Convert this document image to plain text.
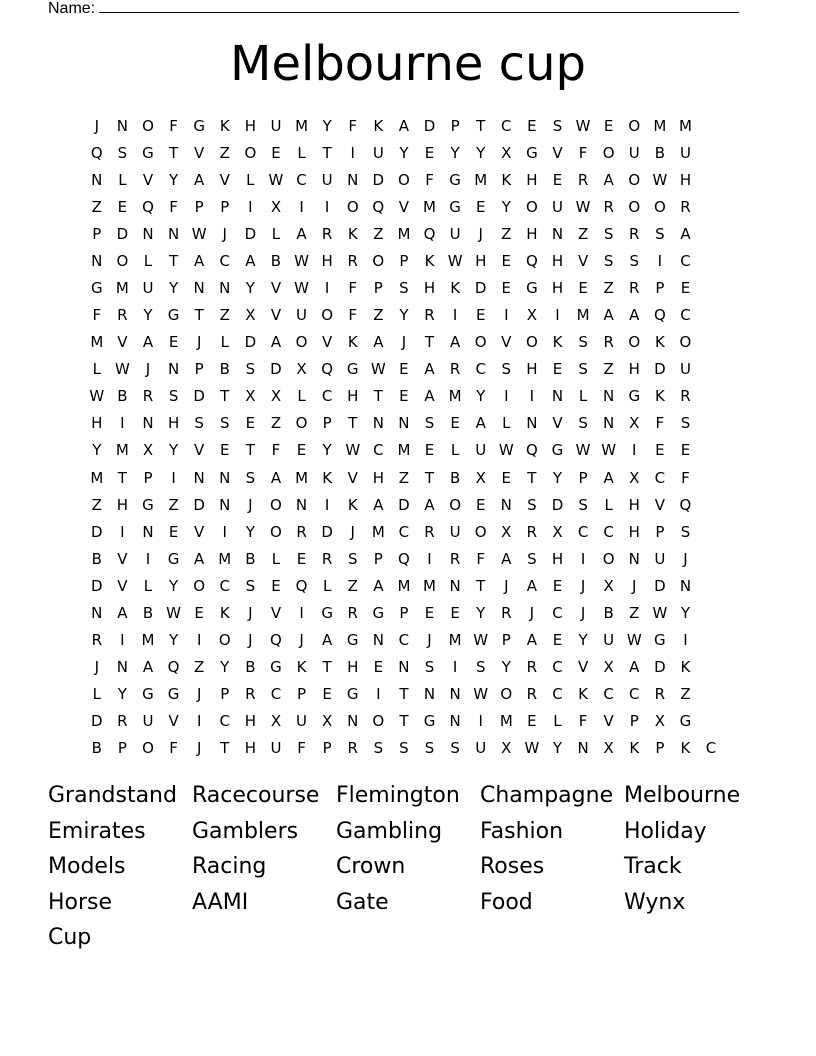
Name:
Melbourne cup
J	N O	F	G K	H U M Y	F	K	A D	P	T	C	E	S W E O M M
Q S	G	T	V	Z O E	L	T	I	U	Y	E	Y	Y	X G V	F	O U B U
N	L	V	Y	A	V	L W C U N D O	F	G M K	H	E	R	A O W H
Z	E Q	F	P	P	I	X	I	I	O Q V M G	E	Y	O U W R O O R
P	D N N W	J	D	L	A	R	K	Z M Q U	J	Z H N Z	S	R	S	A
N O	L	T	A	C	A	B W H R O	P	K W H	E Q H V	S	S	I	C
G M U	Y	N N	Y	V W	I	F	P	S	H	K D	E	G H	E	Z	R	P	E
F	R	Y	G	T	Z	X	V U O	F	Z	Y	R	I	E	I	X	I	M A	A Q C
M V	A	E	J	L	D A O V	K	A	J	T	A O V O K	S	R O K O
L W	J	N	P	B	S	D X Q G W E	A	R	C	S	H	E	S	Z H D U
W B	R	S	D	T	X	X	L	C H	T	E	A M Y	I	I	N	L	N G K	R
H	I	N H	S	S	E	Z O	P	T	N N	S	E	A	L	N V	S	N X	F	S
Y M X	Y	V	E	T	F	E	Y W C M E	L	U W Q G W W	I	E	E
M T	P	I	N N	S	A M K	V H Z	T	B	X	E	T	Y	P	A	X	C	F
Z H G Z D N	J	O N	I	K	A D A O E	N	S	D	S	L	H V Q
D	I	N	E	V	I	Y	O R D	J	M C	R U O X	R	X	C	C H	P	S
B	V	I	G A M B	L	E	R	S	P	Q	I	R	F	A	S	H	I	O N U	J
D V	L	Y	O C	S	E Q	L	Z	A M M N	T	J	A	E	J	X	J	D N
N A	B W E	K	J	V	I	G R G	P	E	E	Y	R	J	C	J	B	Z W Y
R	I	M Y	I	O	J	Q	J	A G N C	J	M W P	A	E	Y	U W G	I
J	N A Q Z	Y	B G K	T	H	E	N	S	I	S	Y	R	C	V	X	A D K
L	Y	G G	J	P	R	C	P	E	G	I	T	N N W O R	C	K	C	C	R	Z
D R U V	I	C H X U X N O	T	G N	I	M E	L	F	V	P	X G
B	P	O	F	J	T	H U	F	P	R	S	S	S	S	U X W Y	N X	K	P	K	C
Grandstand Racecourse Flemington Champagne Melbourne
Emirates	Gamblers	Gambling	Fashion	Holiday
Models	Racing	Crown	Roses	Track
Horse	AAMI	Gate	Food	Wynx
Cup
